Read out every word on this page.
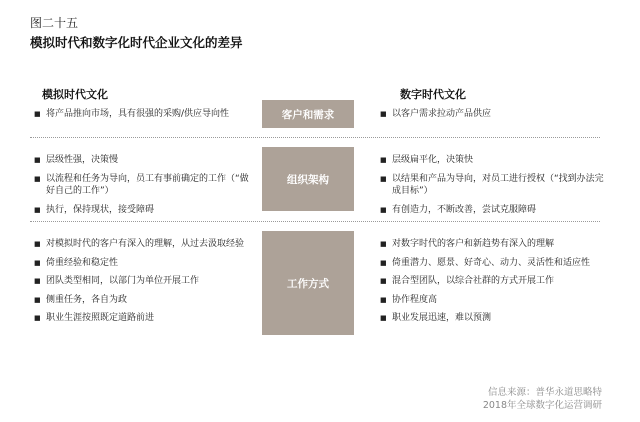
图二十五
模拟时代和数字化时代企业文化的差异
模拟时代文化	数字时代文化
■ 将产品推向市场，具有很强的采购/供应导向性	客户和需求
■	以客户需求拉动产品供应
■ 层级性强，决策慢
■ 以流程和任务为导向，员工有事前确定的工作（“做好自己的工作”）
■ 执行，保持现状，接受障碍
组织架构
■ 层级扁平化，决策快
■ 以结果和产品为导向，对员工进行授权（“找到办法完成目标”）
■ 有创造力，不断改善，尝试克服障碍
■ 对模拟时代的客户有深入的理解，从过去汲取经验
■ 倚重经验和稳定性
■ 团队类型相同，以部门为单位开展工作
■ 侧重任务，各自为政
■ 职业生涯按照既定道路前进
工作方式
■ 对数字时代的客户和新趋势有深入的理解
■ 倚重潜力、愿景、好奇心、动力、灵活性和适应性
■ 混合型团队，以综合社群的方式开展工作
■ 协作程度高
■ 职业发展迅速，难以预测
信息来源：普华永道思略特
2018年全球数字化运营调研
